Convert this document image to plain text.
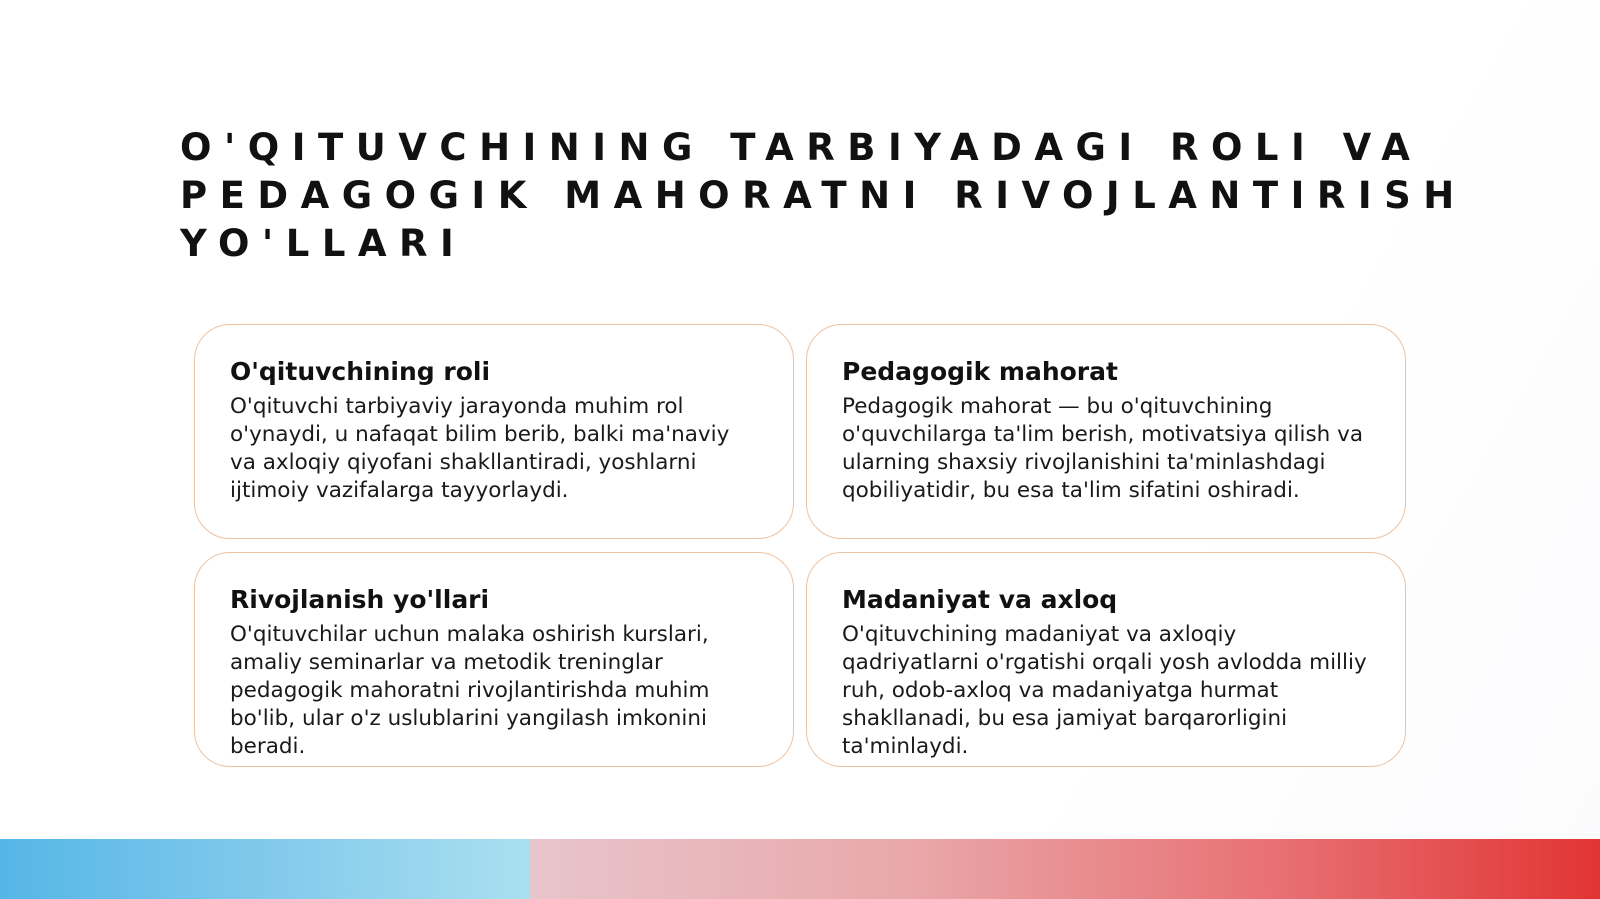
O'QITUVCHINING TARBIYADAGI ROLI VA PEDAGOGIK MAHORATNI RIVOJLANTIRISH YO'LLARI
O'qituvchining roli

O'qituvchi tarbiyaviy jarayonda muhim rol o'ynaydi, u nafaqat bilim berib, balki ma'naviy va axloqiy qiyofani shakllantiradi, yoshlarni ijtimoiy vazifalarga tayyorlaydi.

Pedagogik mahorat

Pedagogik mahorat — bu o'qituvchining o'quvchilarga ta'lim berish, motivatsiya qilish va ularning shaxsiy rivojlanishini ta'minlashdagi qobiliyatidir, bu esa ta'lim sifatini oshiradi.

Rivojlanish yo'llari

O'qituvchilar uchun malaka oshirish kurslari, amaliy seminarlar va metodik treninglar pedagogik mahoratni rivojlantirishda muhim bo'lib, ular o'z uslublarini yangilash imkonini beradi.

Madaniyat va axloq

O'qituvchining madaniyat va axloqiy qadriyatlarni o'rgatishi orqali yosh avlodda milliy ruh, odob-axloq va madaniyatga hurmat shakllanadi, bu esa jamiyat barqarorligini ta'minlaydi.
